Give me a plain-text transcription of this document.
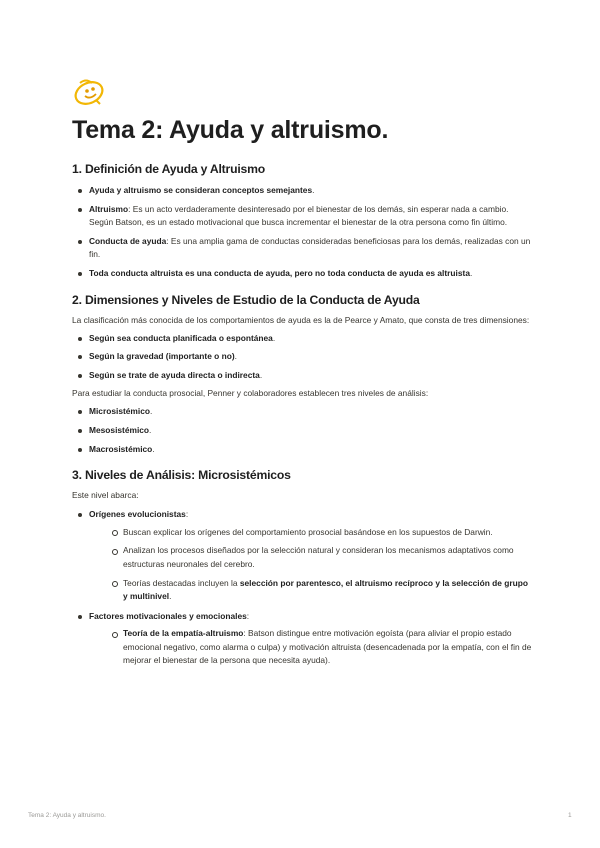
Tema 2: Ayuda y altruismo.
1. Definición de Ayuda y Altruismo
Ayuda y altruismo se consideran conceptos semejantes.
Altruismo: Es un acto verdaderamente desinteresado por el bienestar de los demás, sin esperar nada a cambio. Según Batson, es un estado motivacional que busca incrementar el bienestar de la otra persona como fin último.
Conducta de ayuda: Es una amplia gama de conductas consideradas beneficiosas para los demás, realizadas con un fin.
Toda conducta altruista es una conducta de ayuda, pero no toda conducta de ayuda es altruista.
2. Dimensiones y Niveles de Estudio de la Conducta de Ayuda
La clasificación más conocida de los comportamientos de ayuda es la de Pearce y Amato, que consta de tres dimensiones:
Según sea conducta planificada o espontánea.
Según la gravedad (importante o no).
Según se trate de ayuda directa o indirecta.
Para estudiar la conducta prosocial, Penner y colaboradores establecen tres niveles de análisis:
Microsistémico.
Mesosistémico.
Macrosistémico.
3. Niveles de Análisis: Microsistémicos
Este nivel abarca:
Orígenes evolucionistas:
Buscan explicar los orígenes del comportamiento prosocial basándose en los supuestos de Darwin.
Analizan los procesos diseñados por la selección natural y consideran los mecanismos adaptativos como estructuras neuronales del cerebro.
Teorías destacadas incluyen la selección por parentesco, el altruismo recíproco y la selección de grupo y multinivel.
Factores motivacionales y emocionales:
Teoría de la empatía-altruismo: Batson distingue entre motivación egoísta (para aliviar el propio estado emocional negativo, como alarma o culpa) y motivación altruista (desencadenada por la empatía, con el fin de mejorar el bienestar de la persona que necesita ayuda).
Tema 2: Ayuda y altruismo.	1
